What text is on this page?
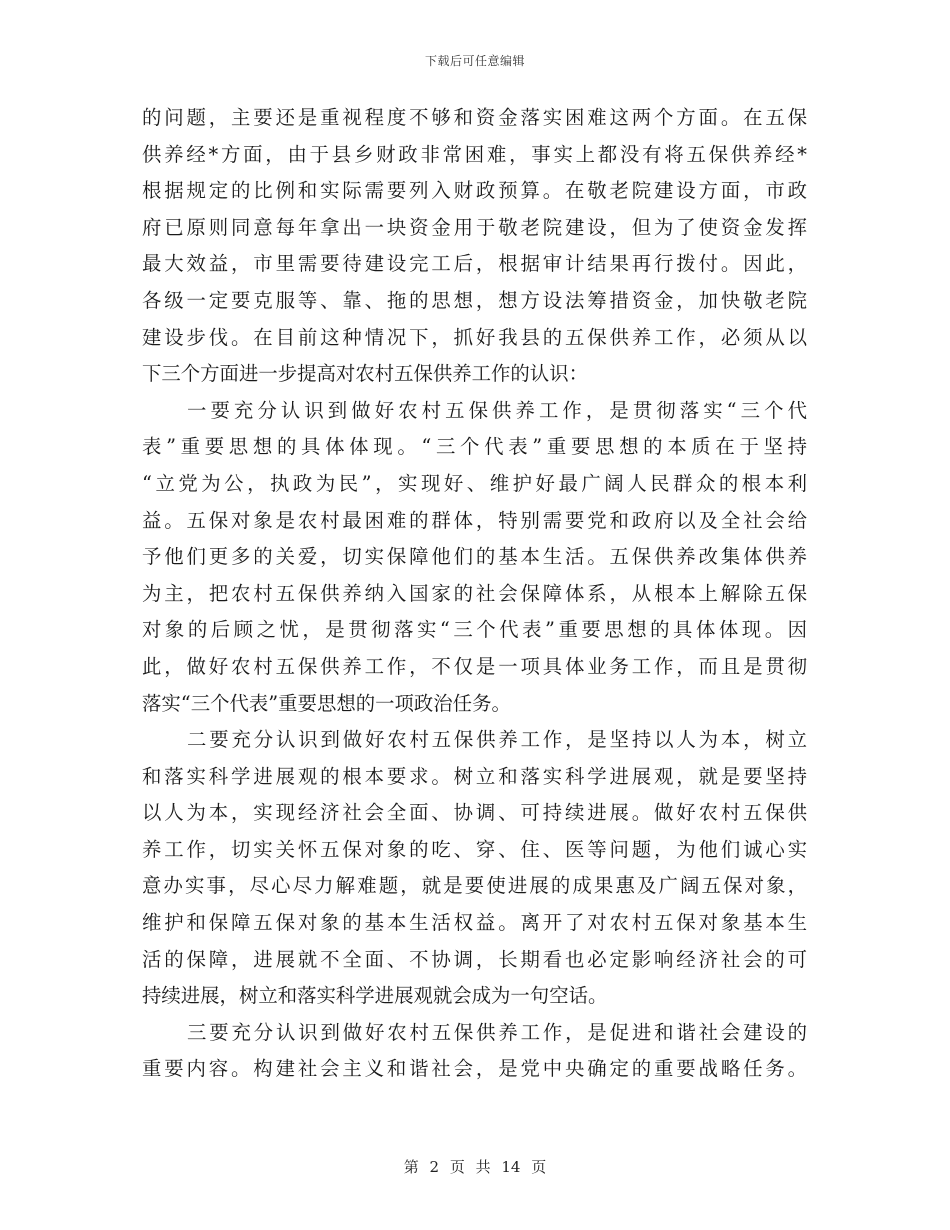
下载后可任意编辑
的问题，主要还是重视程度不够和资金落实困难这两个方面。在五保
供养经*方面，由于县乡财政非常困难，事实上都没有将五保供养经*
根据规定的比例和实际需要列入财政预算。在敬老院建设方面，市政
府已原则同意每年拿出一块资金用于敬老院建设，但为了使资金发挥
最大效益，市里需要待建设完工后，根据审计结果再行拨付。因此，
各级一定要克服等、靠、拖的思想，想方设法筹措资金，加快敬老院
建设步伐。在目前这种情况下，抓好我县的五保供养工作，必须从以
下三个方面进一步提高对农村五保供养工作的认识：
一要充分认识到做好农村五保供养工作，是贯彻落实“三个代
表”重要思想的具体体现。“三个代表”重要思想的本质在于坚持
“立党为公，执政为民”，实现好、维护好最广阔人民群众的根本利
益。五保对象是农村最困难的群体，特别需要党和政府以及全社会给
予他们更多的关爱，切实保障他们的基本生活。五保供养改集体供养
为主，把农村五保供养纳入国家的社会保障体系，从根本上解除五保
对象的后顾之忧，是贯彻落实“三个代表”重要思想的具体体现。因
此，做好农村五保供养工作，不仅是一项具体业务工作，而且是贯彻
落实“三个代表”重要思想的一项政治任务。
二要充分认识到做好农村五保供养工作，是坚持以人为本，树立
和落实科学进展观的根本要求。树立和落实科学进展观，就是要坚持
以人为本，实现经济社会全面、协调、可持续进展。做好农村五保供
养工作，切实关怀五保对象的吃、穿、住、医等问题，为他们诚心实
意办实事，尽心尽力解难题，就是要使进展的成果惠及广阔五保对象，
维护和保障五保对象的基本生活权益。离开了对农村五保对象基本生
活的保障，进展就不全面、不协调，长期看也必定影响经济社会的可
持续进展，树立和落实科学进展观就会成为一句空话。
三要充分认识到做好农村五保供养工作，是促进和谐社会建设的
重要内容。构建社会主义和谐社会，是党中央确定的重要战略任务。
第 2 页 共 14 页
